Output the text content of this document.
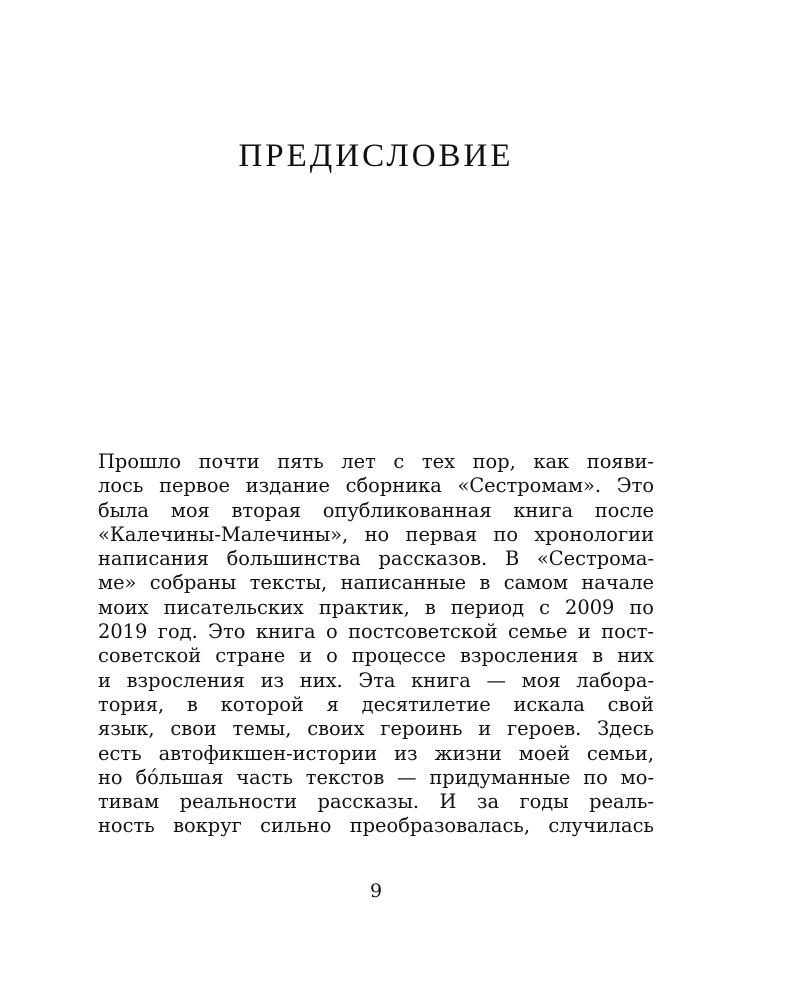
ПРЕДИСЛОВИЕ
Прошло почти пять лет с тех пор, как появи-
лось первое издание сборника «Сестромам». Это
была моя вторая опубликованная книга после
«Калечины-Малечины», но первая по хронологии
написания большинства рассказов. В «Сестрома-
ме» собраны тексты, написанные в самом начале
моих писательских практик, в период с 2009 по
2019 год. Это книга о постсоветской семье и пост-
советской стране и о процессе взросления в них
и взросления из них. Эта книга — моя лабора-
тория, в которой я десятилетие искала свой
язык, свои темы, своих героинь и героев. Здесь
есть автофикшен-истории из жизни моей семьи,
но бóльшая часть текстов — придуманные по мо-
тивам реальности рассказы. И за годы реаль-
ность вокруг сильно преобразовалась, случилась

9
